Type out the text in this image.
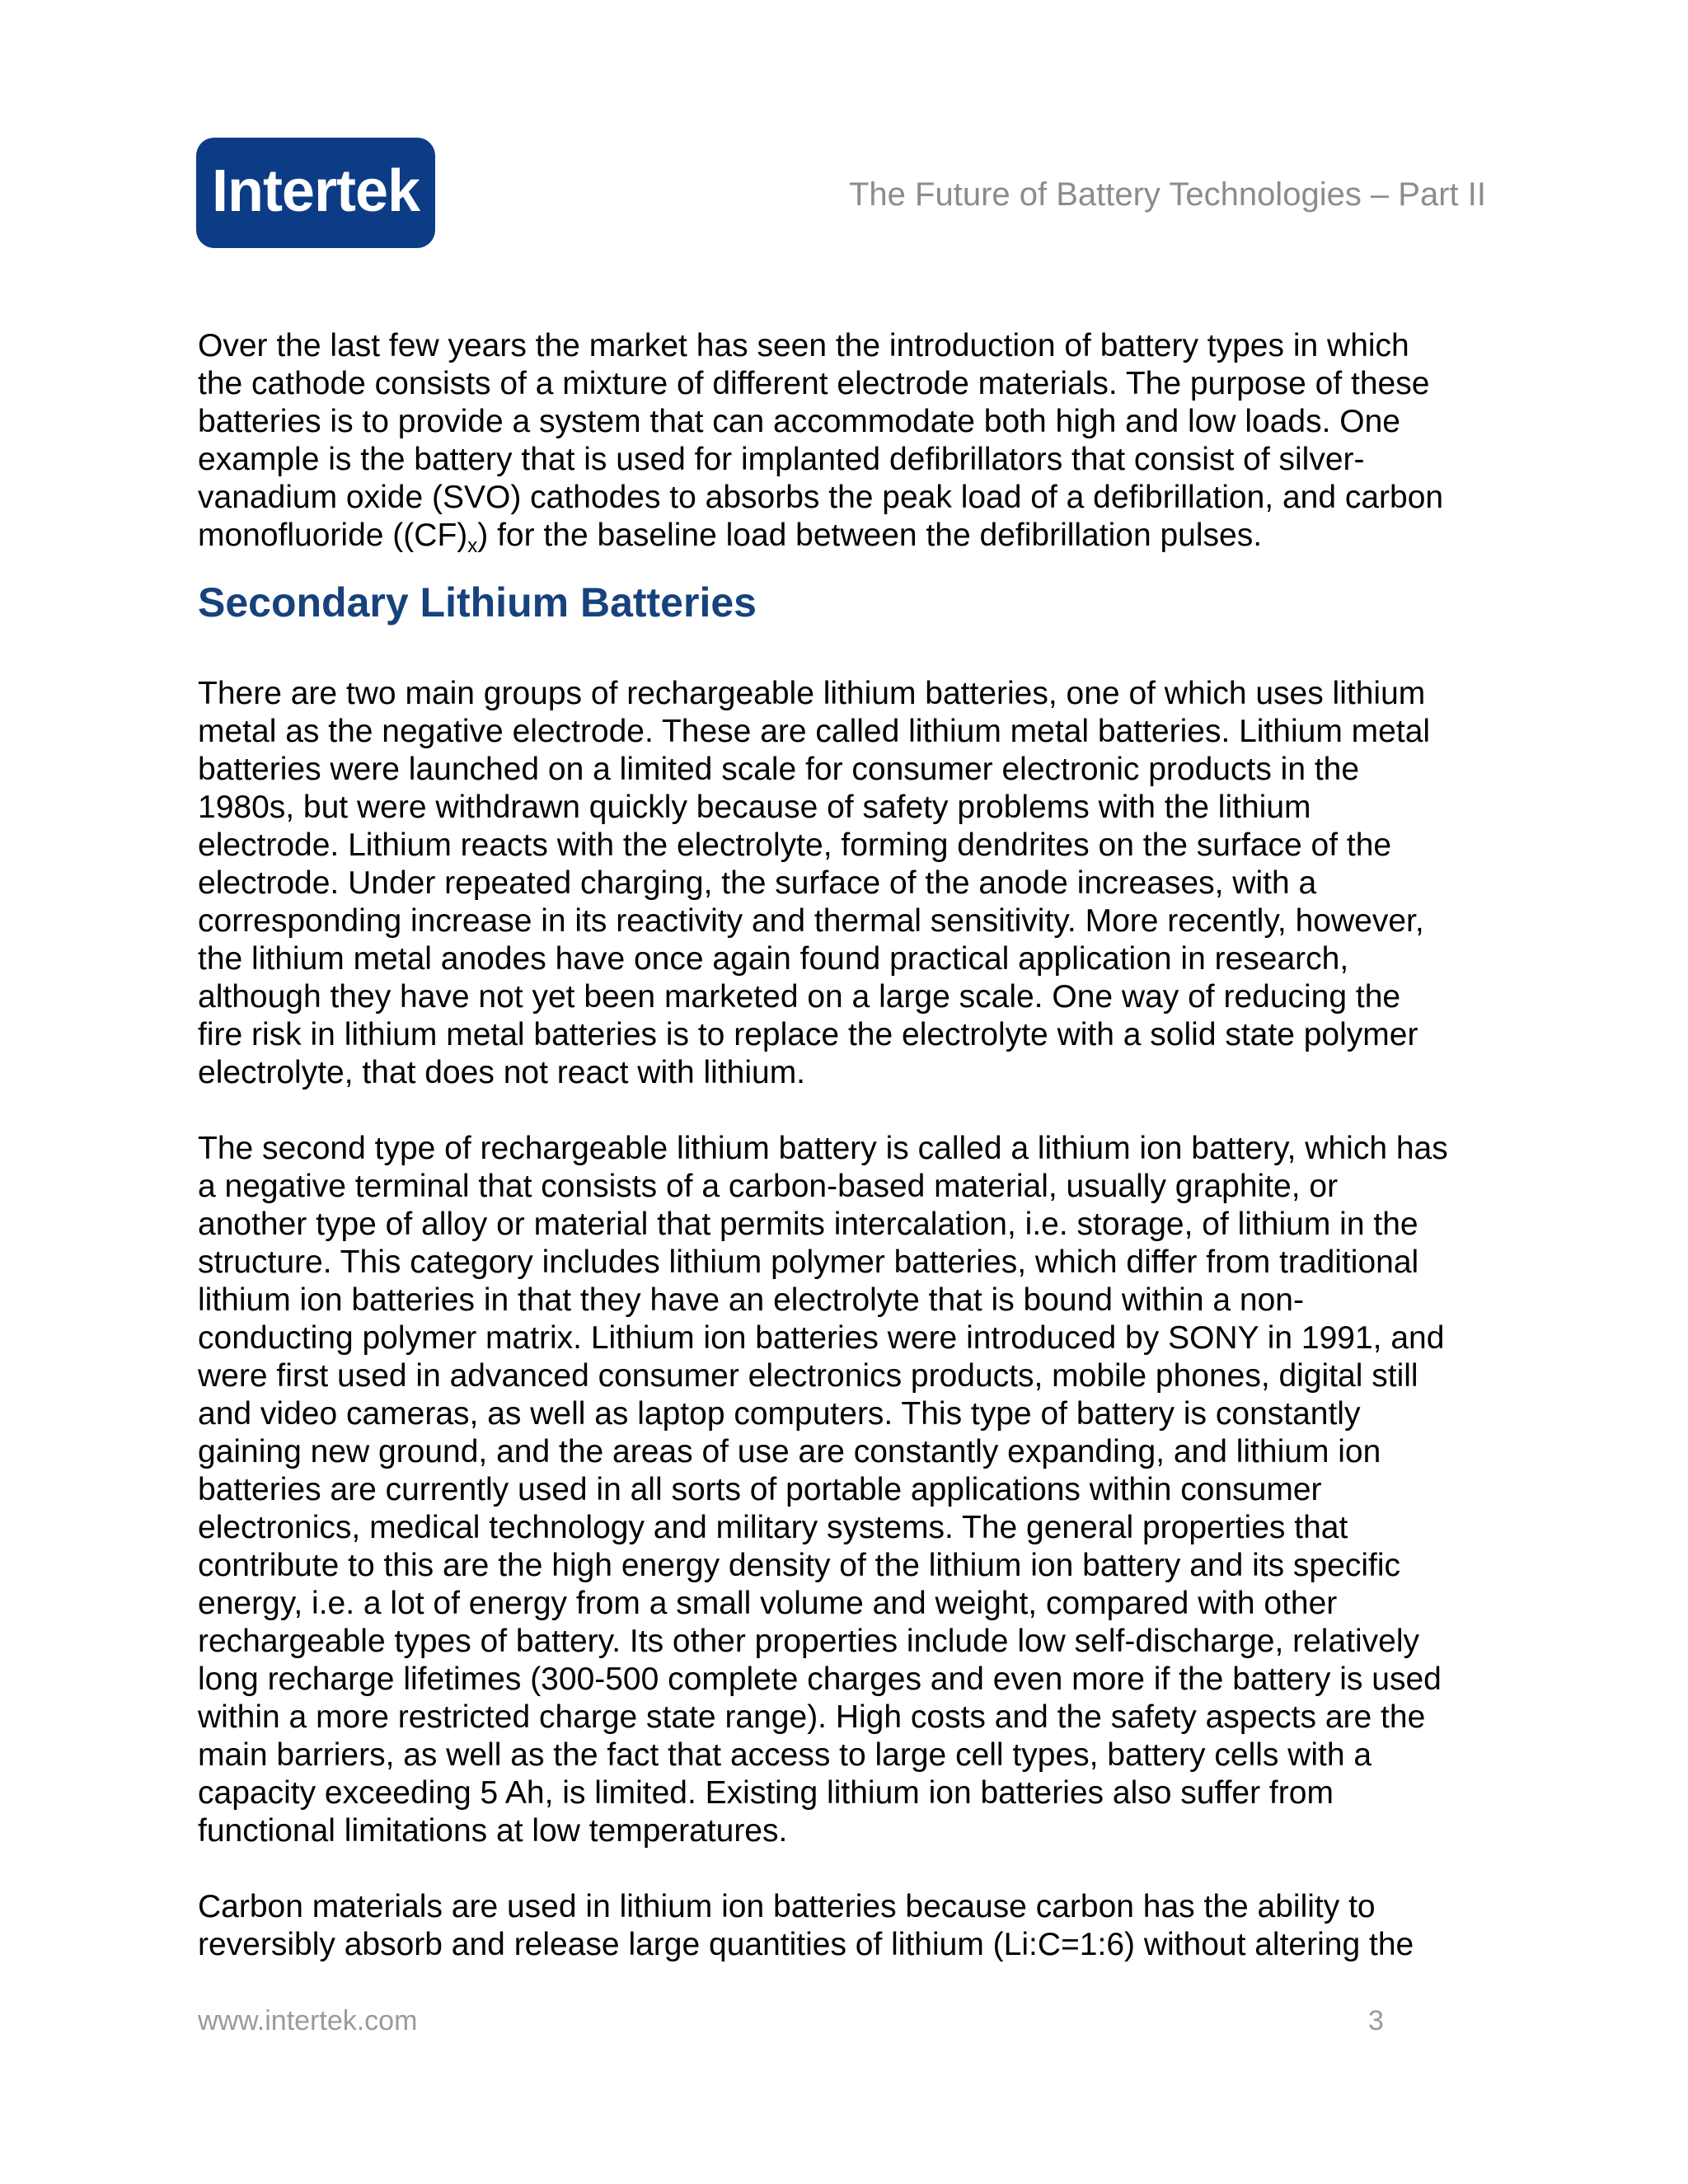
Intertek	The Future of Battery Technologies – Part II

Over the last few years the market has seen the introduction of battery types in which
the cathode consists of a mixture of different electrode materials. The purpose of these
batteries is to provide a system that can accommodate both high and low loads. One
example is the battery that is used for implanted defibrillators that consist of silver-
vanadium oxide (SVO) cathodes to absorbs the peak load of a defibrillation, and carbon
monofluoride $((CF)_x)$ for the baseline load between the defibrillation pulses.

Secondary Lithium Batteries

There are two main groups of rechargeable lithium batteries, one of which uses lithium
metal as the negative electrode. These are called lithium metal batteries. Lithium metal
batteries were launched on a limited scale for consumer electronic products in the
1980s, but were withdrawn quickly because of safety problems with the lithium
electrode. Lithium reacts with the electrolyte, forming dendrites on the surface of the
electrode. Under repeated charging, the surface of the anode increases, with a
corresponding increase in its reactivity and thermal sensitivity. More recently, however,
the lithium metal anodes have once again found practical application in research,
although they have not yet been marketed on a large scale. One way of reducing the
fire risk in lithium metal batteries is to replace the electrolyte with a solid state polymer
electrolyte, that does not react with lithium.

The second type of rechargeable lithium battery is called a lithium ion battery, which has
a negative terminal that consists of a carbon-based material, usually graphite, or
another type of alloy or material that permits intercalation, i.e. storage, of lithium in the
structure. This category includes lithium polymer batteries, which differ from traditional
lithium ion batteries in that they have an electrolyte that is bound within a non-
conducting polymer matrix. Lithium ion batteries were introduced by SONY in 1991, and
were first used in advanced consumer electronics products, mobile phones, digital still
and video cameras, as well as laptop computers. This type of battery is constantly
gaining new ground, and the areas of use are constantly expanding, and lithium ion
batteries are currently used in all sorts of portable applications within consumer
electronics, medical technology and military systems. The general properties that
contribute to this are the high energy density of the lithium ion battery and its specific
energy, i.e. a lot of energy from a small volume and weight, compared with other
rechargeable types of battery. Its other properties include low self-discharge, relatively
long recharge lifetimes (300-500 complete charges and even more if the battery is used
within a more restricted charge state range). High costs and the safety aspects are the
main barriers, as well as the fact that access to large cell types, battery cells with a
capacity exceeding 5 Ah, is limited. Existing lithium ion batteries also suffer from
functional limitations at low temperatures.

Carbon materials are used in lithium ion batteries because carbon has the ability to
reversibly absorb and release large quantities of lithium (Li:C=1:6) without altering the

www.intertek.com	3
